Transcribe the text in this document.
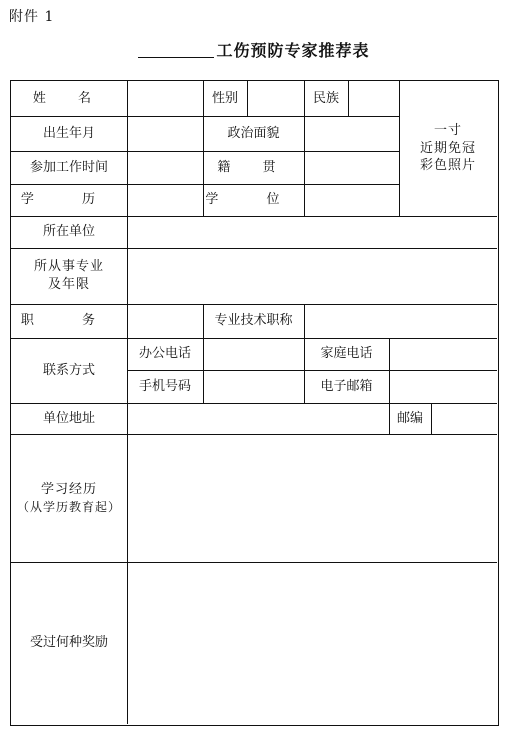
附件 1
工伤预防专家推荐表
姓 名	性别	民族
一寸
近期免冠
彩色照片
出生年月	政治面貌
参加工作时间	籍 贯
学 历	学 位
所在单位
所从事专业
及年限
职 务	专业技术职称
联系方式
办公电话	家庭电话
手机号码	电子邮箱
单位地址	邮编
学习经历
（从学历教育起）
受过何种奖励
